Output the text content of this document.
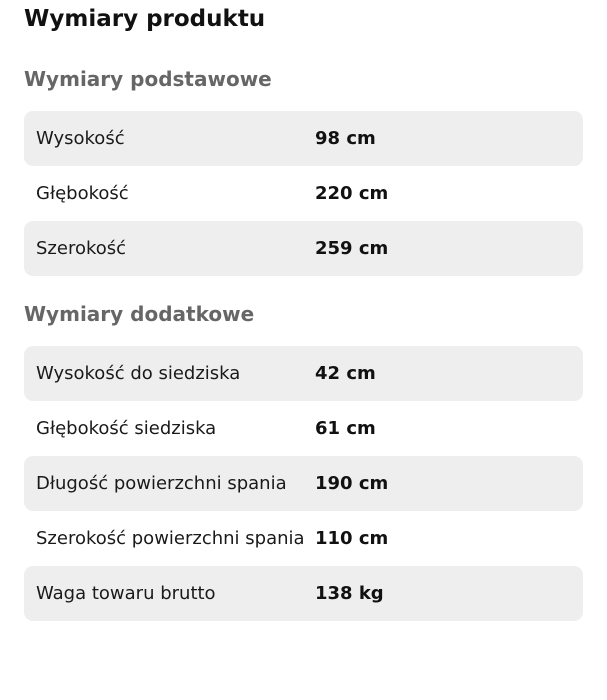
Wymiary produktu
Wymiary podstawowe
Wysokość	98 cm
Głębokość	220 cm
Szerokość	259 cm
Wymiary dodatkowe
Wysokość do siedziska	42 cm
Głębokość siedziska	61 cm
Długość powierzchni spania	190 cm
Szerokość powierzchni spania 110 cm
Waga towaru brutto	138 kg
